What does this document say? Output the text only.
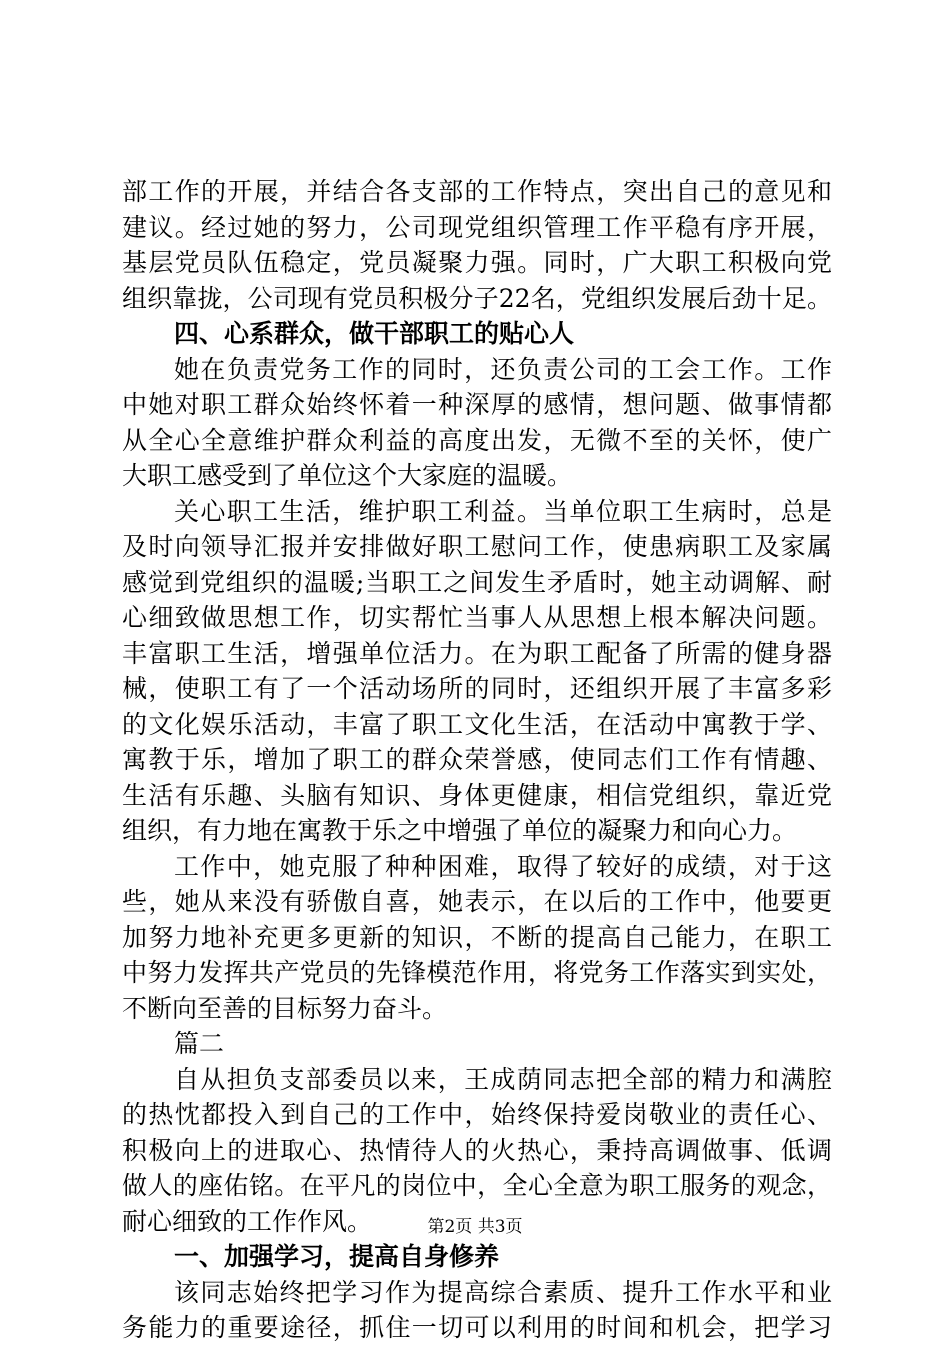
部工作的开展，并结合各支部的工作特点，突出自己的意见和
建议。经过她的努力，公司现党组织管理工作平稳有序开展，
基层党员队伍稳定，党员凝聚力强。同时，广大职工积极向党
组织靠拢，公司现有党员积极分子22名，党组织发展后劲十足。
四、心系群众，做干部职工的贴心人
她在负责党务工作的同时，还负责公司的工会工作。工作
中她对职工群众始终怀着一种深厚的感情，想问题、做事情都
从全心全意维护群众利益的高度出发，无微不至的关怀，使广
大职工感受到了单位这个大家庭的温暖。
关心职工生活，维护职工利益。当单位职工生病时，总是
及时向领导汇报并安排做好职工慰问工作，使患病职工及家属
感觉到党组织的温暖;当职工之间发生矛盾时，她主动调解、耐
心细致做思想工作，切实帮忙当事人从思想上根本解决问题。
丰富职工生活，增强单位活力。在为职工配备了所需的健身器
械，使职工有了一个活动场所的同时，还组织开展了丰富多彩
的文化娱乐活动，丰富了职工文化生活，在活动中寓教于学、
寓教于乐，增加了职工的群众荣誉感，使同志们工作有情趣、
生活有乐趣、头脑有知识、身体更健康，相信党组织，靠近党
组织，有力地在寓教于乐之中增强了单位的凝聚力和向心力。
工作中，她克服了种种困难，取得了较好的成绩，对于这
些，她从来没有骄傲自喜，她表示，在以后的工作中，他要更
加努力地补充更多更新的知识，不断的提高自己能力，在职工
中努力发挥共产党员的先锋模范作用，将党务工作落实到实处，
不断向至善的目标努力奋斗。
篇二
自从担负支部委员以来，王成荫同志把全部的精力和满腔
的热忱都投入到自己的工作中，始终保持爱岗敬业的责任心、
积极向上的进取心、热情待人的火热心，秉持高调做事、低调
做人的座佑铭。在平凡的岗位中，全心全意为职工服务的观念，
耐心细致的工作作风。
一、加强学习，提高自身修养
该同志始终把学习作为提高综合素质、提升工作水平和业
务能力的重要途径，抓住一切可以利用的时间和机会，把学习
第2页 共3页
